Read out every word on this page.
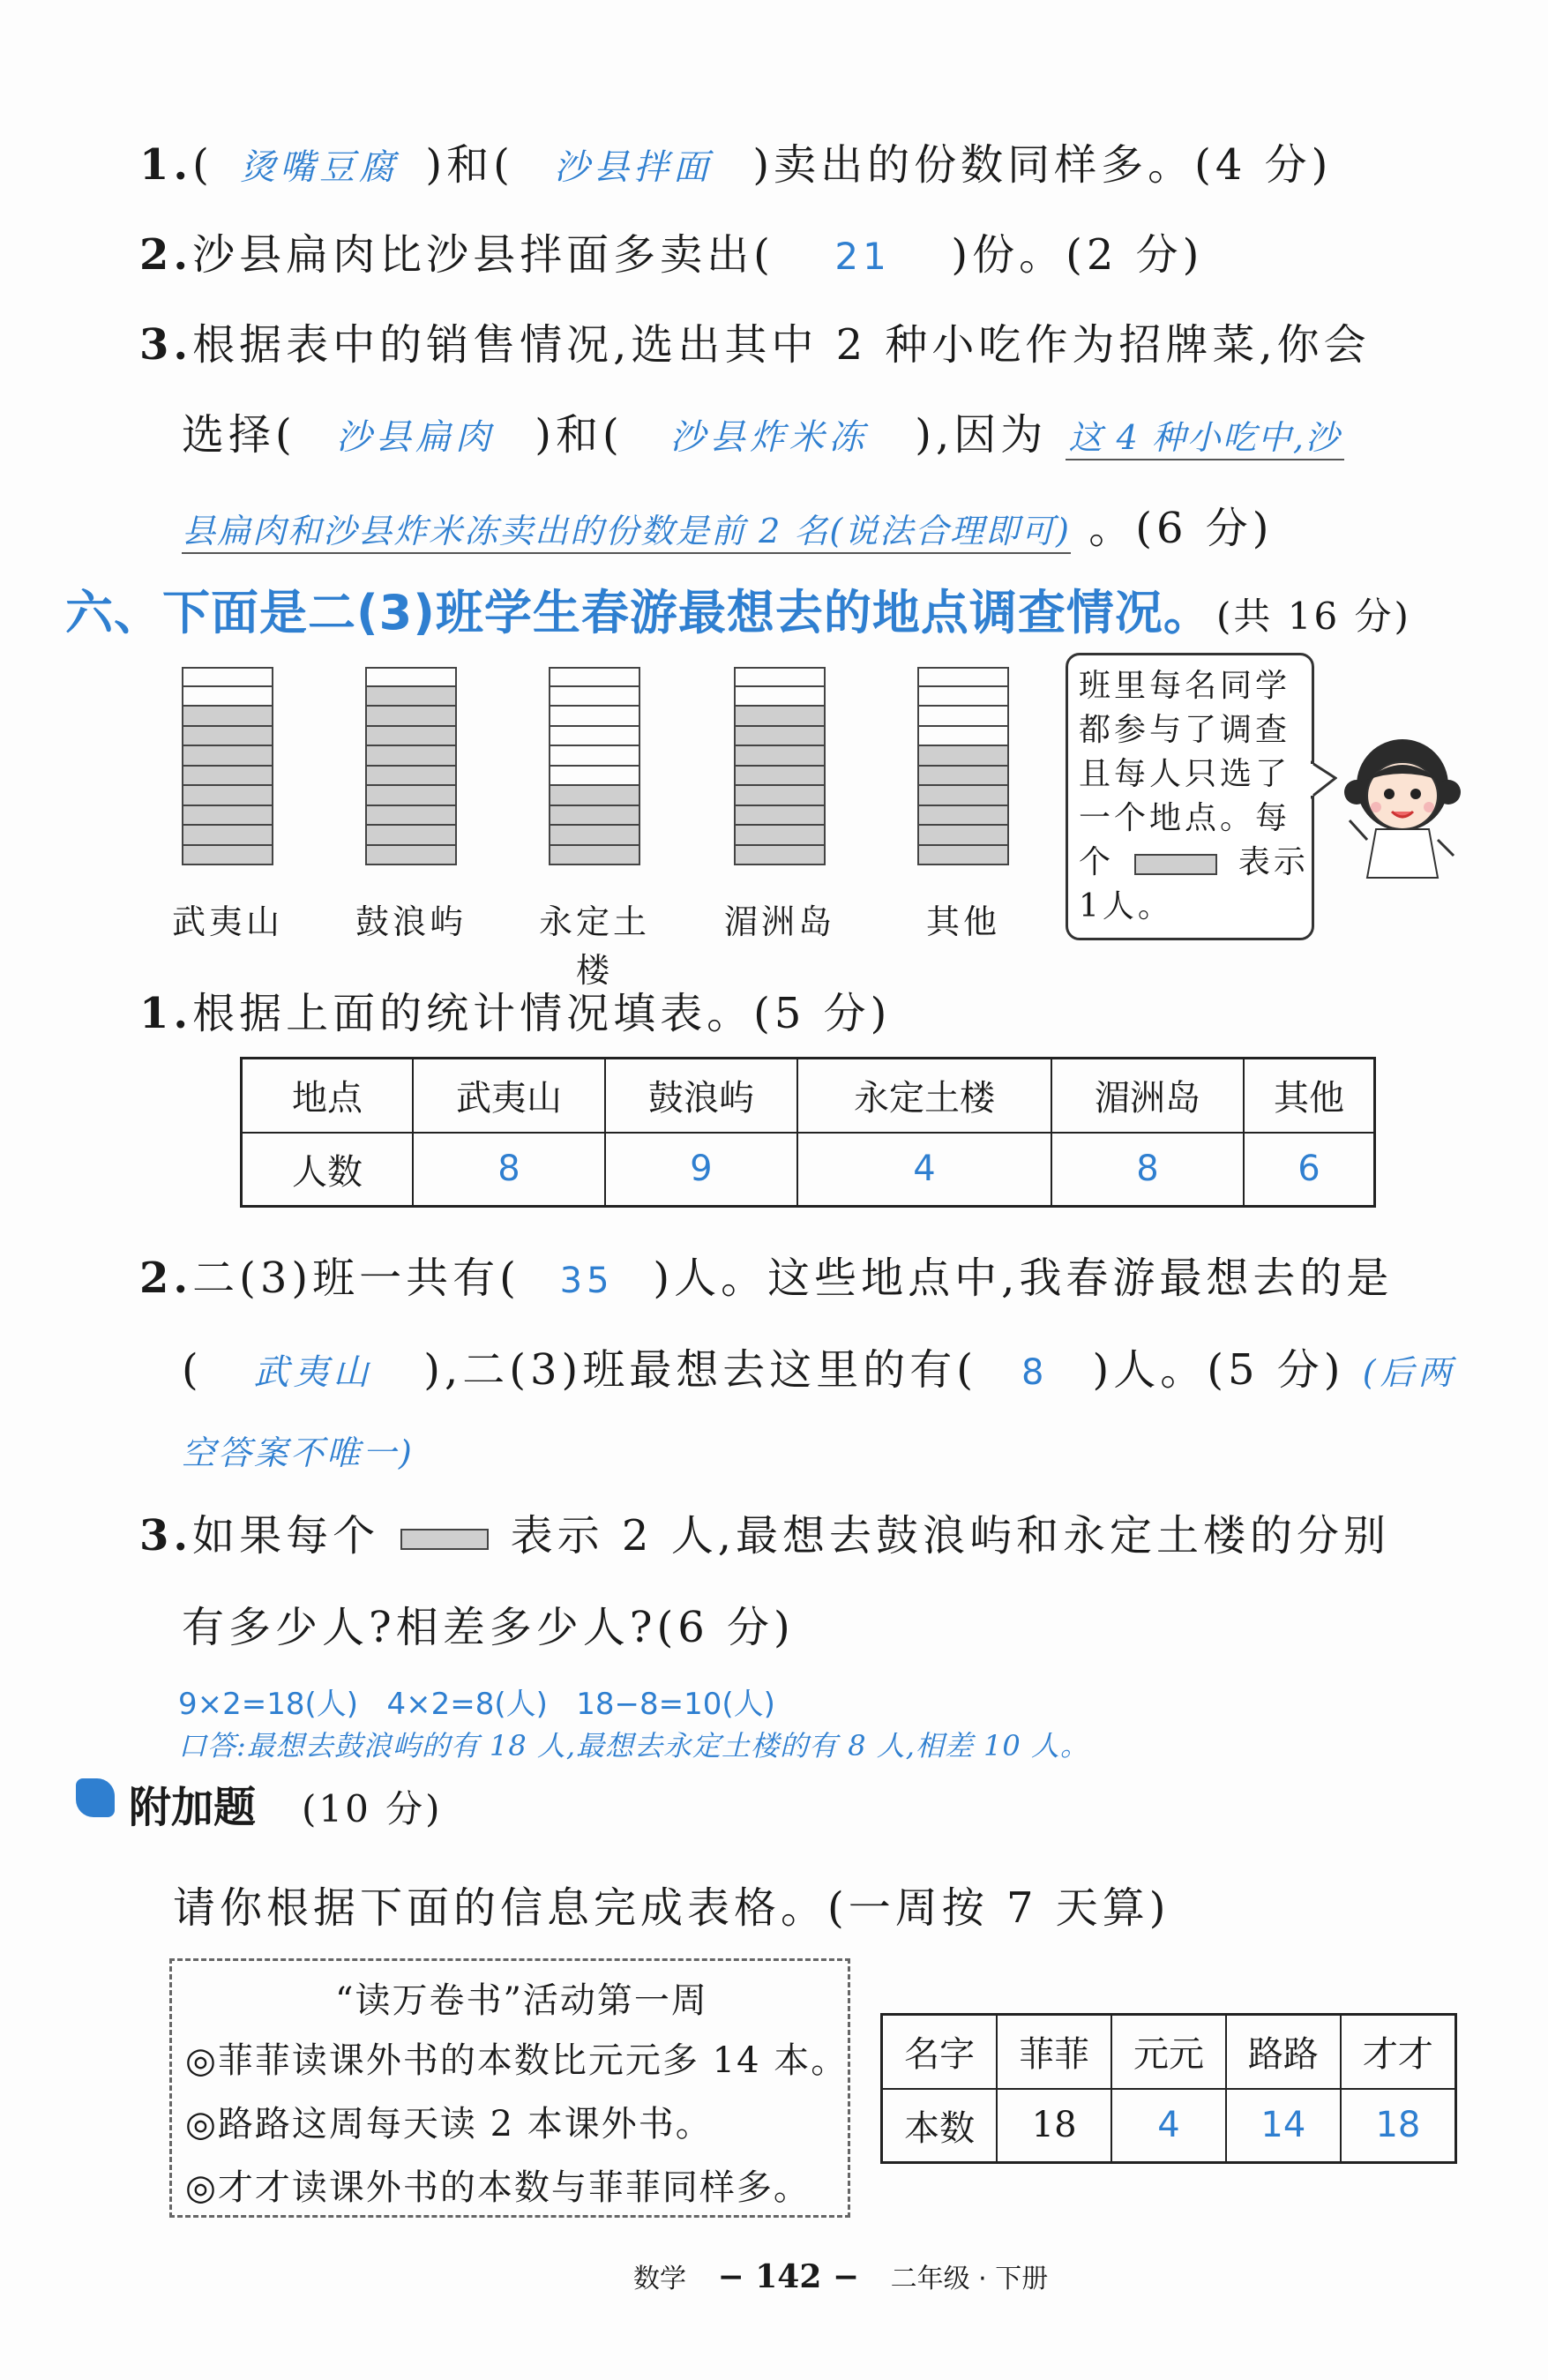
1.( 烫嘴豆腐 )和( 沙县拌面 )卖出的份数同样多。(4 分)
2.沙县扁肉比沙县拌面多卖出( 21 )份。(2 分)
3.根据表中的销售情况,选出其中 2 种小吃作为招牌菜,你会
选择( 沙县扁肉 )和( 沙县炸米冻 ),因为 这 4 种小吃中,沙
县扁肉和沙县炸米冻卖出的份数是前 2 名(说法合理即可) 。(6 分)
六、下面是二(3)班学生春游最想去的地点调查情况。 (共 16 分)
武夷山	鼓浪屿	永定土楼
湄洲岛	其他
班里每名同学
都参与了调查
且每人只选了
一个地点。每
个	表示
1人。
1.根据上面的统计情况填表。(5 分)
地点	武夷山	鼓浪屿	永定土楼	湄洲岛	其他
人数	8	9	4	8	6
2.二(3)班一共有( 35 )人。这些地点中,我春游最想去的是
( 武夷山 ),二(3)班最想去这里的有( 8 )人。(5 分) (后两
空答案不唯一)
3.如果每个	表示 2 人,最想去鼓浪屿和永定土楼的分别
有多少人?相差多少人?(6 分)
9×2=18(人)   4×2=8(人)   18−8=10(人)
口答:最想去鼓浪屿的有 18 人,最想去永定土楼的有 8 人,相差 10 人。
附加题 (10 分)
请你根据下面的信息完成表格。(一周按 7 天算)
“读万卷书”活动第一周
◎菲菲读课外书的本数比元元多 14 本。
◎路路这周每天读 2 本课外书。
◎才才读课外书的本数与菲菲同样多。
名字	菲菲	元元	路路	才才
本数	18	4	14	18
数学 − 142 − 二年级 · 下册
